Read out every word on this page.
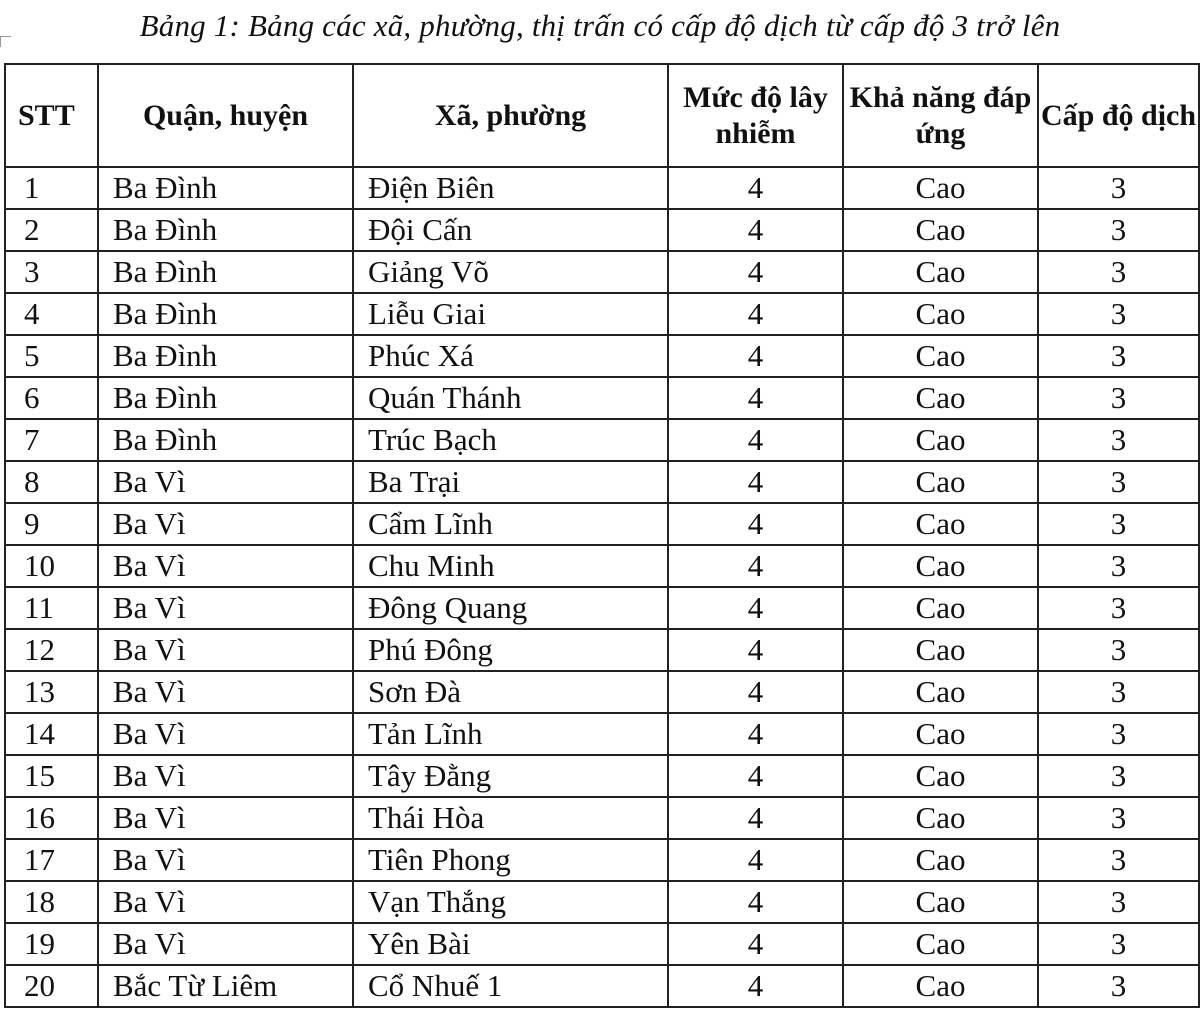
Bảng 1: Bảng các xã, phường, thị trấn có cấp độ dịch từ cấp độ 3 trở lên
STT	Quận, huyện	Xã, phường	Mức độ lây nhiễm	Khả năng đáp ứng	Cấp độ dịch
1	Ba Đình	Điện Biên	4	Cao	3
2	Ba Đình	Đội Cấn	4	Cao	3
3	Ba Đình	Giảng Võ	4	Cao	3
4	Ba Đình	Liễu Giai	4	Cao	3
5	Ba Đình	Phúc Xá	4	Cao	3
6	Ba Đình	Quán Thánh	4	Cao	3
7	Ba Đình	Trúc Bạch	4	Cao	3
8	Ba Vì	Ba Trại	4	Cao	3
9	Ba Vì	Cẩm Lĩnh	4	Cao	3
10	Ba Vì	Chu Minh	4	Cao	3
11	Ba Vì	Đông Quang	4	Cao	3
12	Ba Vì	Phú Đông	4	Cao	3
13	Ba Vì	Sơn Đà	4	Cao	3
14	Ba Vì	Tản Lĩnh	4	Cao	3
15	Ba Vì	Tây Đằng	4	Cao	3
16	Ba Vì	Thái Hòa	4	Cao	3
17	Ba Vì	Tiên Phong	4	Cao	3
18	Ba Vì	Vạn Thắng	4	Cao	3
19	Ba Vì	Yên Bài	4	Cao	3
20	Bắc Từ Liêm	Cổ Nhuế 1	4	Cao	3
